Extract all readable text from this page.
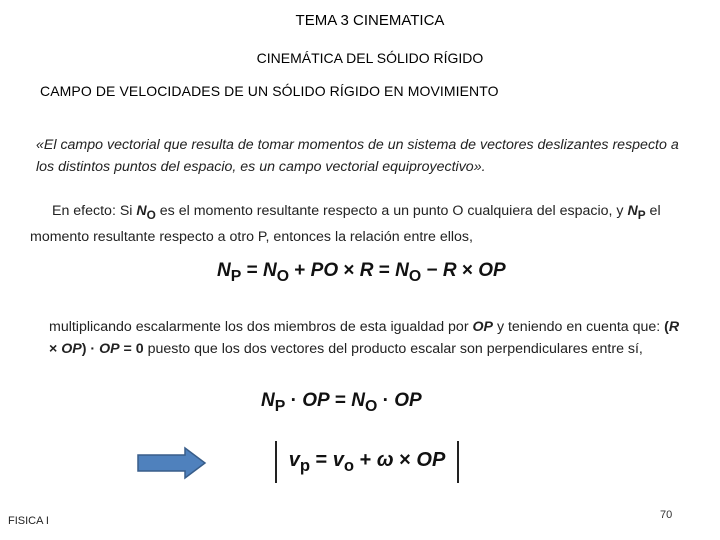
TEMA 3 CINEMATICA
CINEMÁTICA DEL SÓLIDO RÍGIDO
CAMPO DE VELOCIDADES DE UN SÓLIDO RÍGIDO EN MOVIMIENTO
«El campo vectorial que resulta de tomar momentos de un sistema de vectores deslizantes respecto a los distintos puntos del espacio, es un campo vectorial equiproyectivo».
En efecto: Si $N_O$ es el momento resultante respecto a un punto O cualquiera del espacio, y $N_P$ el momento resultante respecto a otro P, entonces la relación entre ellos,
$N_P = N_O$ + PO × $R = N_O - R$ × OP
multiplicando escalarmente los dos miembros de esta igualdad por OP y teniendo en cuenta que: (R × OP) · OP = 0 puesto que los dos vectores del producto escalar son perpendiculares entre sí,
$N_P$ · OP = $N_O$ · OP
$v_p = v_o + \omega$ × OP
FISICA I	70
